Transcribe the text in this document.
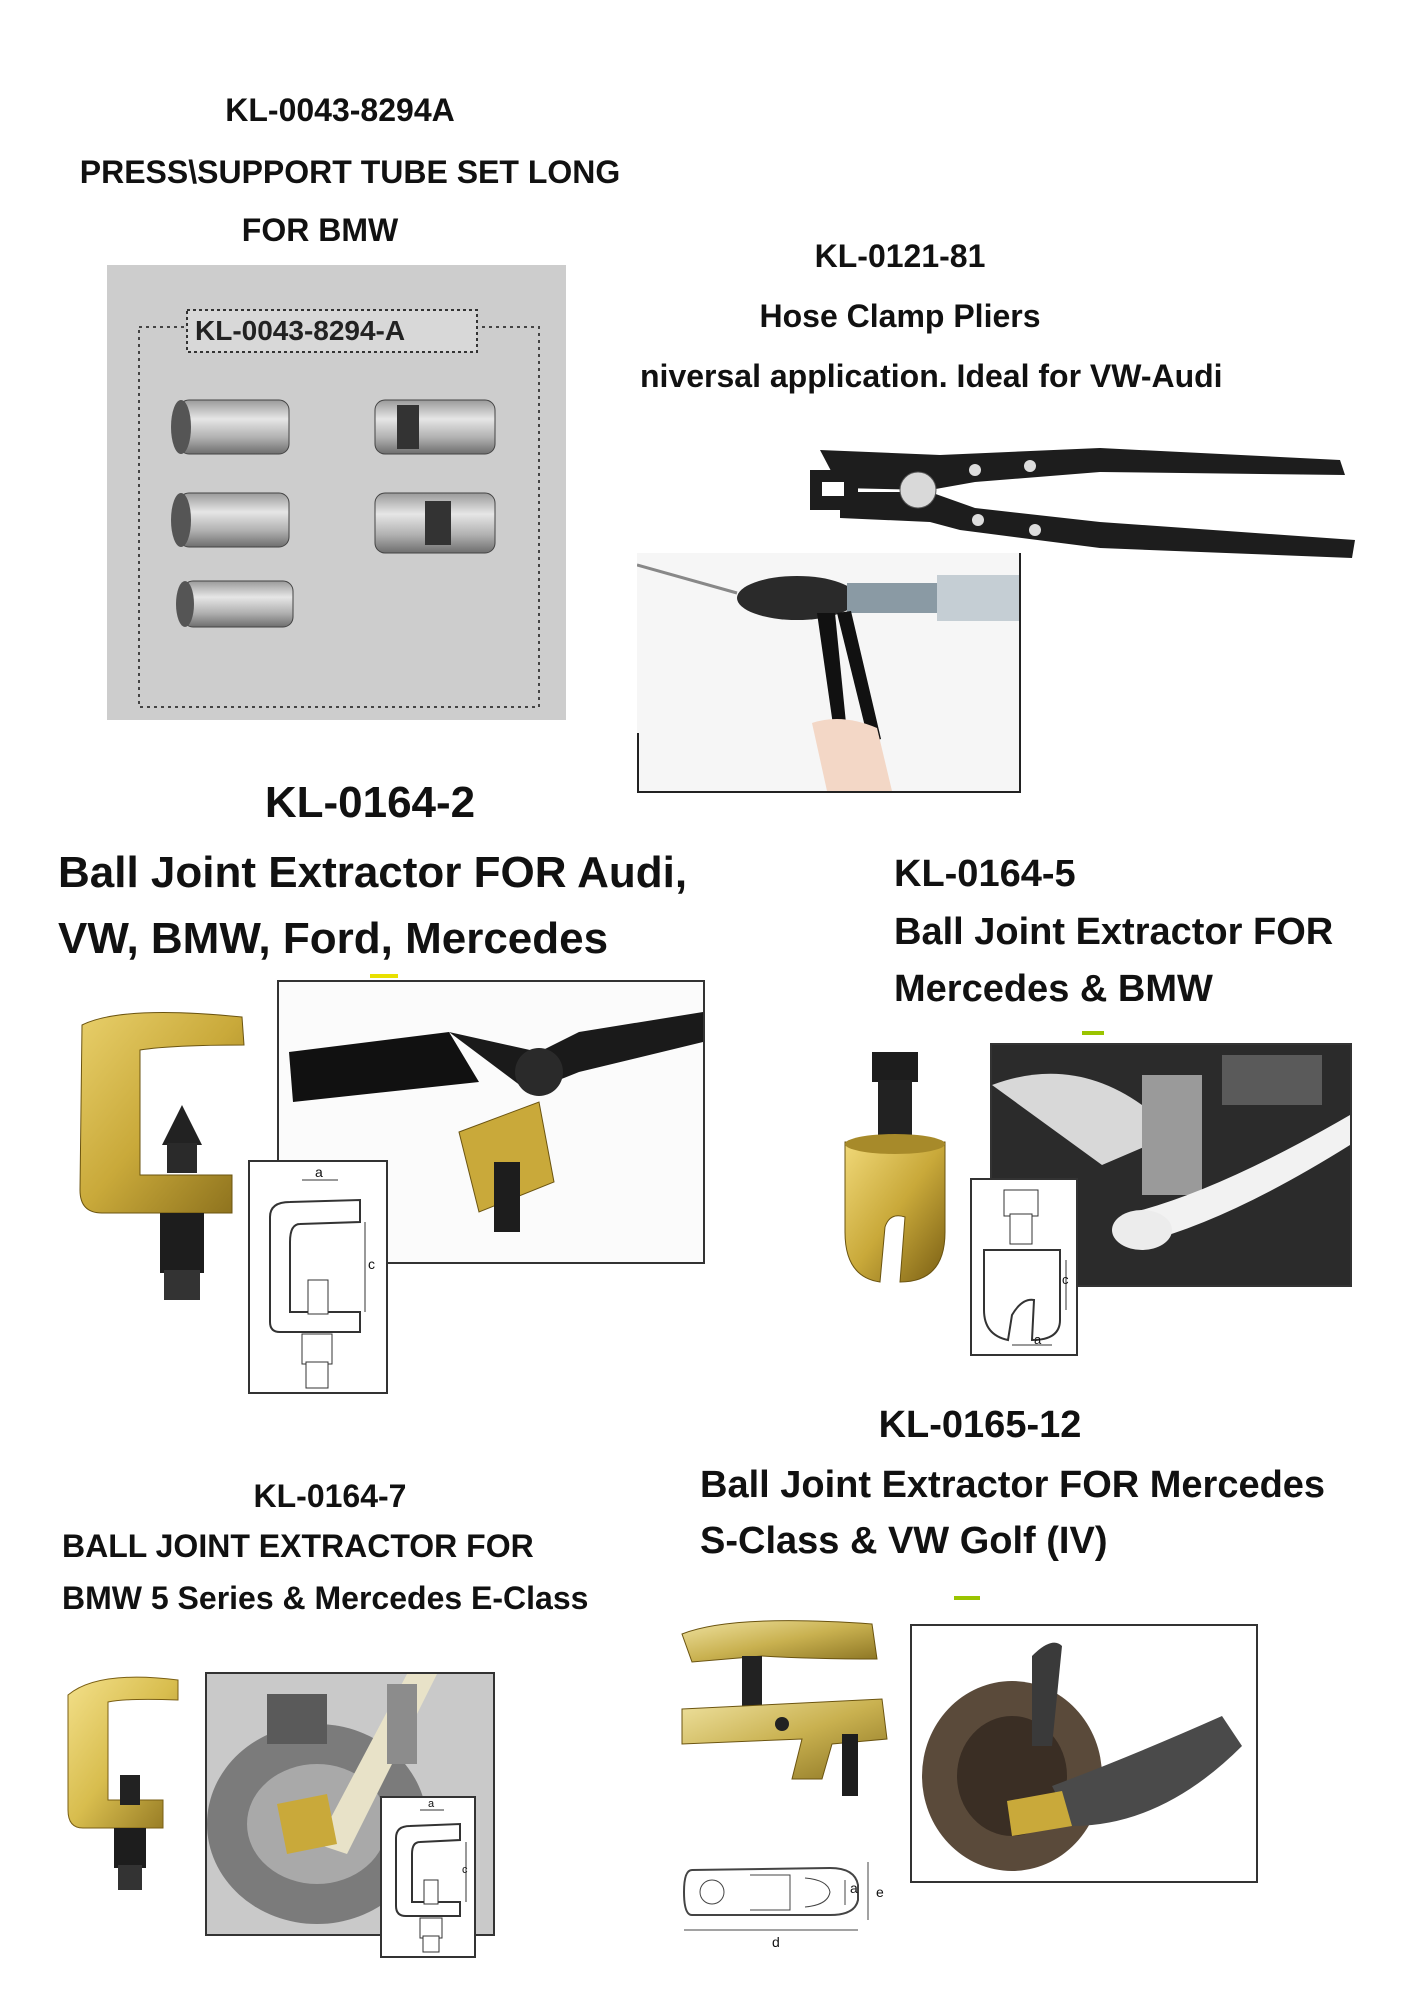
KL-0043-8294A
PRESS\SUPPORT TUBE SET LONG
FOR BMW
KL-0043-8294-A
KL-0121-81
Hose Clamp Pliers
niversal application. Ideal for VW-Audi
KL-0164-2
Ball Joint Extractor FOR Audi,
VW, BMW, Ford, Mercedes
a
c
KL-0164-5
Ball Joint Extractor FOR
Mercedes & BMW
c
a
KL-0164-7
BALL JOINT EXTRACTOR FOR
BMW 5 Series & Mercedes E-Class
a
c
KL-0165-12
Ball Joint Extractor FOR Mercedes
S-Class & VW Golf (IV)
a e
d
